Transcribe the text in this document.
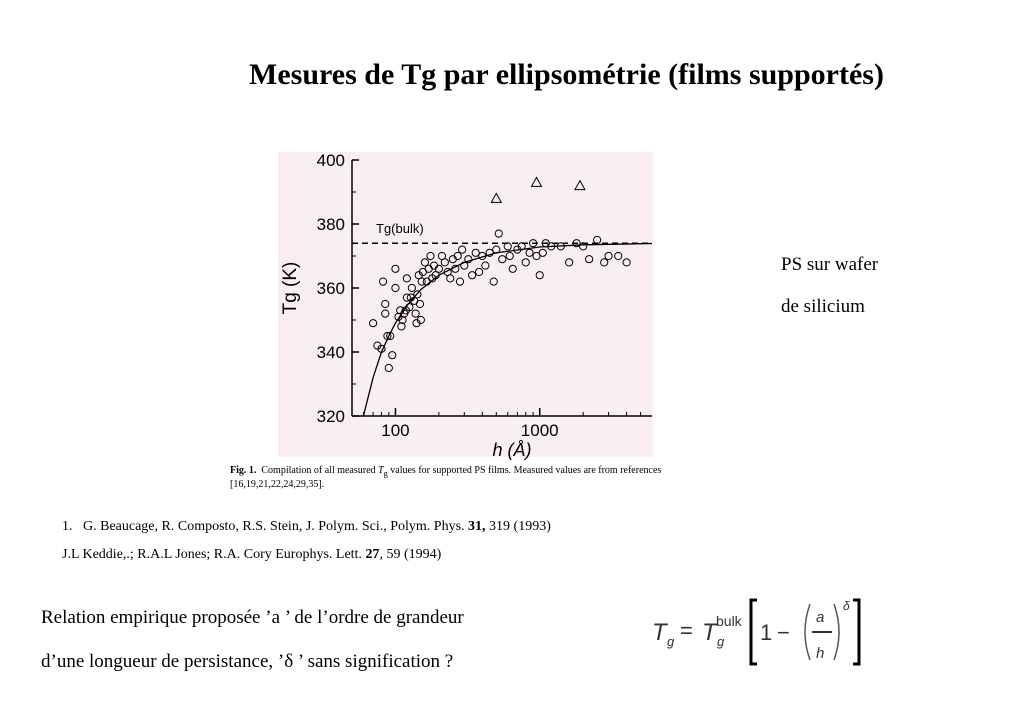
Mesures de Tg par ellipsométrie (films supportés)
320
340
360
380
400
100	1000
h (Å)
Tg (K)
Tg(bulk)
Fig. 1. Compilation of all measured $T_g$ values for supported PS films. Measured values are from references [16,19,21,22,24,29,35].
PS sur wafer
de silicium
1. G. Beaucage, R. Composto, R.S. Stein, J. Polym. Sci., Polym. Phys. 31, 319 (1993)
J.L Keddie,.; R.A.L Jones; R.A. Cory Europhys. Lett. 27, 59 (1994)
Relation empirique proposée ’a ’ de l’ordre de grandeur
d’une longueur de persistance, ’δ ’ sans signification ?
T g = T bulk
g 1 −
a
h
δ
